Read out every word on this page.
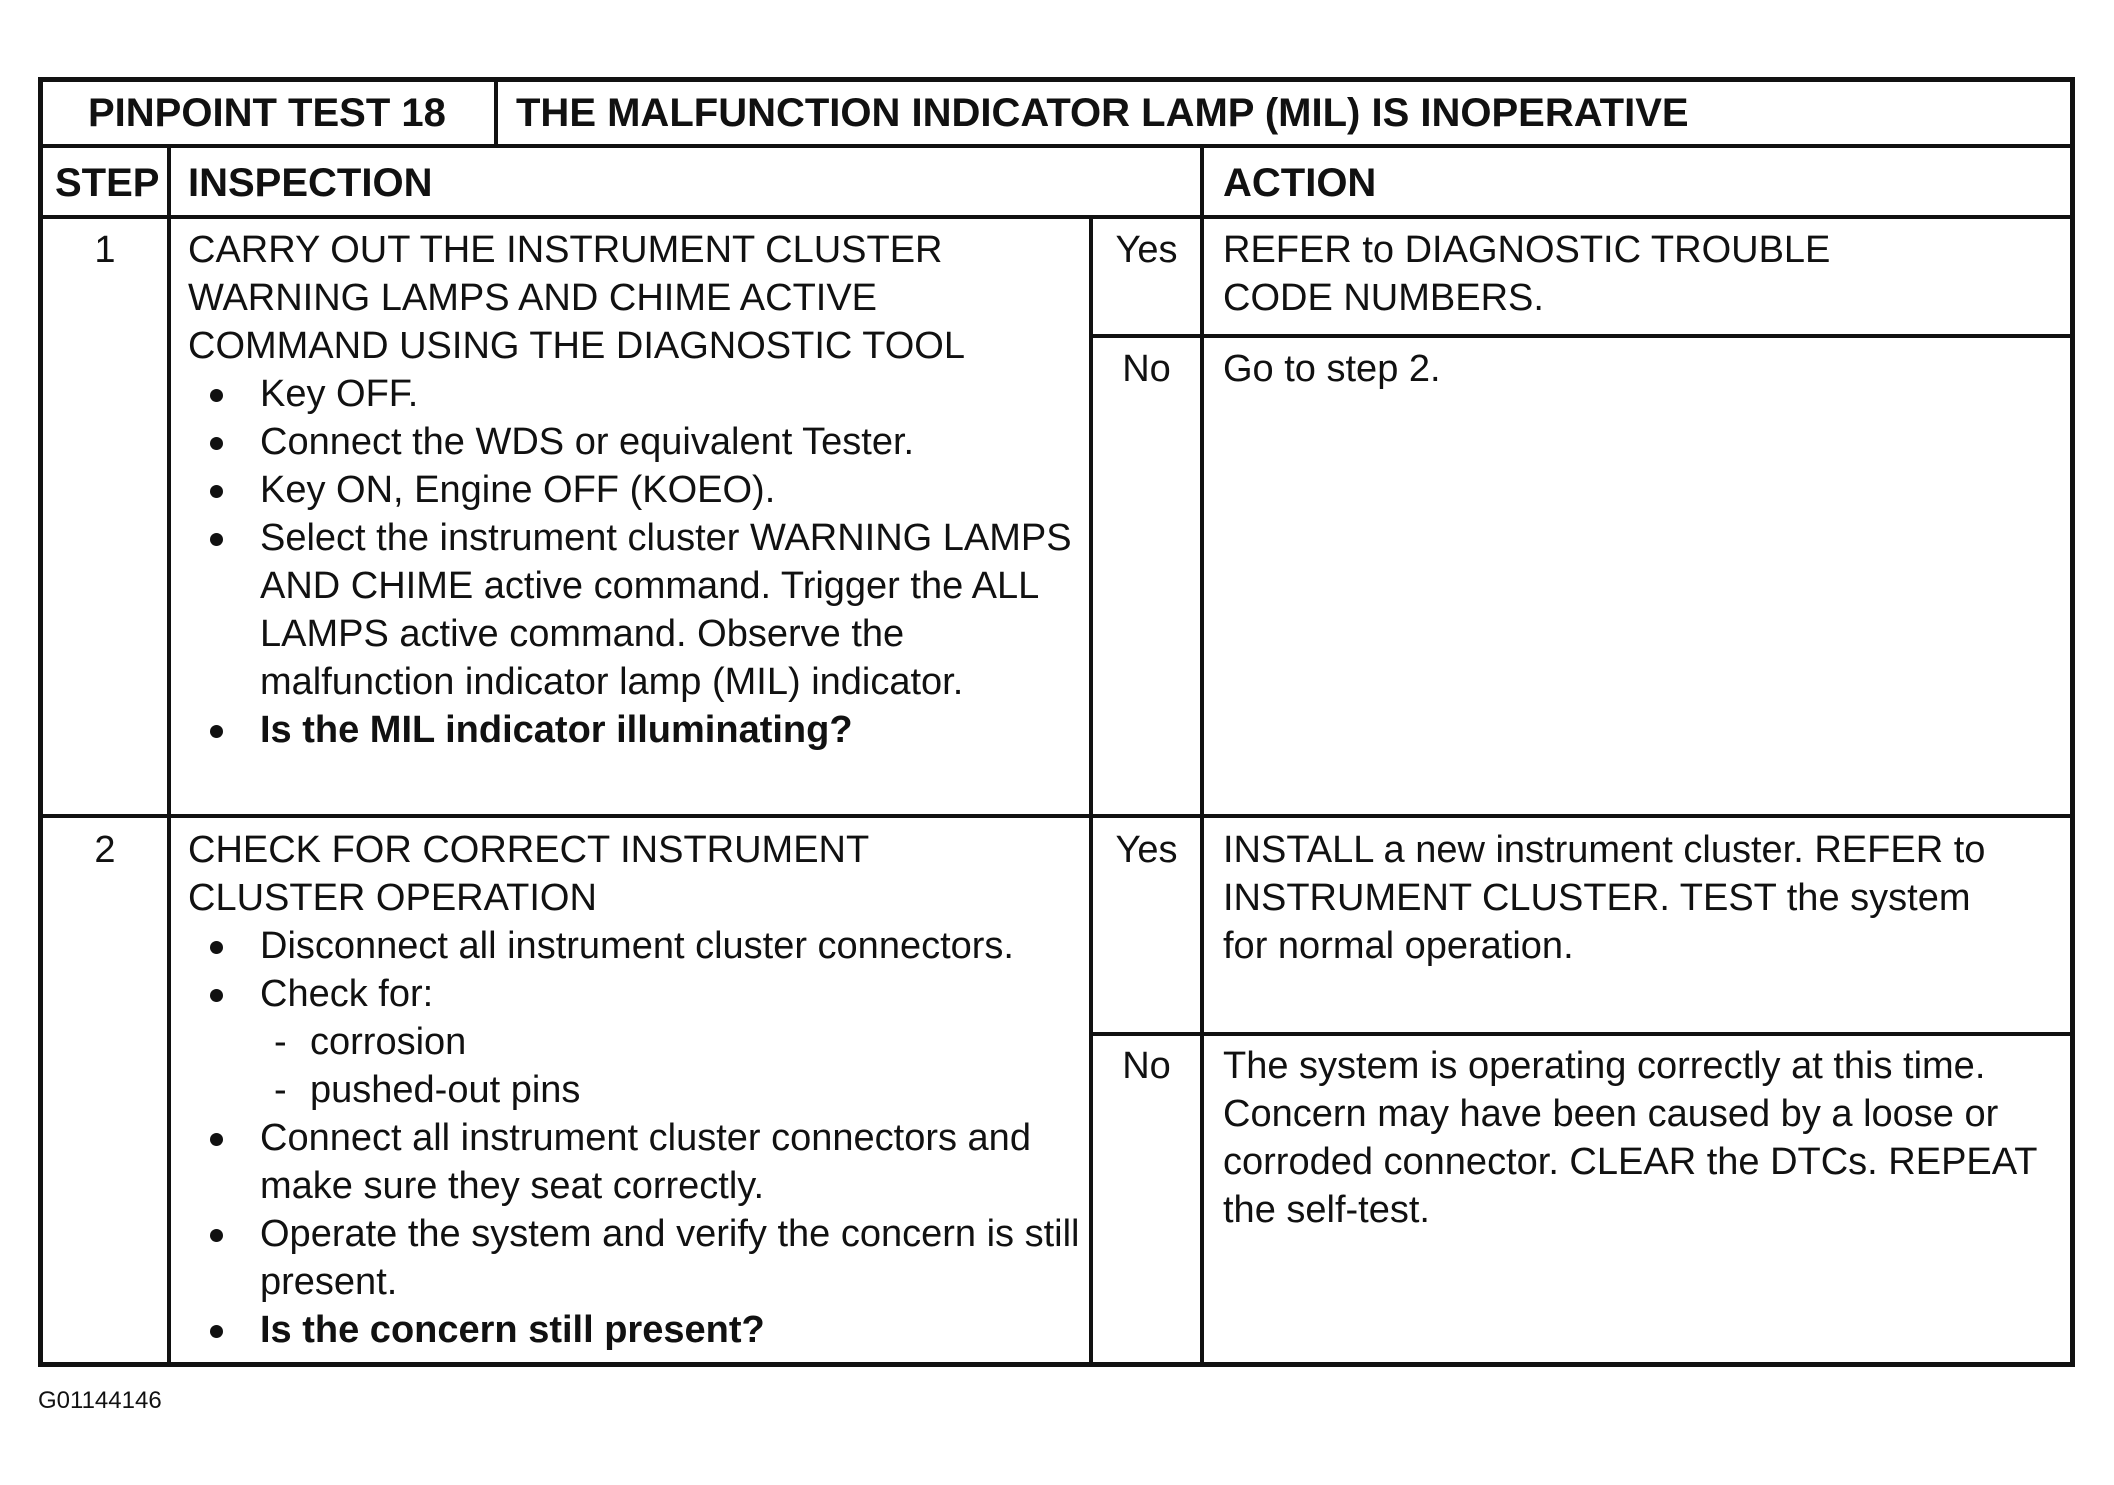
PINPOINT TEST 18	THE MALFUNCTION INDICATOR LAMP (MIL) IS INOPERATIVE
STEP INSPECTION	ACTION
1	CARRY OUT THE INSTRUMENT CLUSTER WARNING LAMPS AND CHIME ACTIVE COMMAND USING THE DIAGNOSTIC TOOL
Key OFF.
Connect the WDS or equivalent Tester.
Key ON, Engine OFF (KOEO).
Select the instrument cluster WARNING LAMPS AND CHIME active command. Trigger the ALL LAMPS active command. Observe the malfunction indicator lamp (MIL) indicator.
Is the MIL indicator illuminating?
Yes	REFER to DIAGNOSTIC TROUBLE CODE NUMBERS.
No	Go to step 2.
2	CHECK FOR CORRECT INSTRUMENT CLUSTER OPERATION
Disconnect all instrument cluster connectors.
Check for:
- corrosion
- pushed-out pins
Connect all instrument cluster connectors and make sure they seat correctly.
Operate the system and verify the concern is still present.
Is the concern still present?
Yes	INSTALL a new instrument cluster. REFER to INSTRUMENT CLUSTER. TEST the system for normal operation.
No	The system is operating correctly at this time. Concern may have been caused by a loose or corroded connector. CLEAR the DTCs. REPEAT the self-test.
G01144146
